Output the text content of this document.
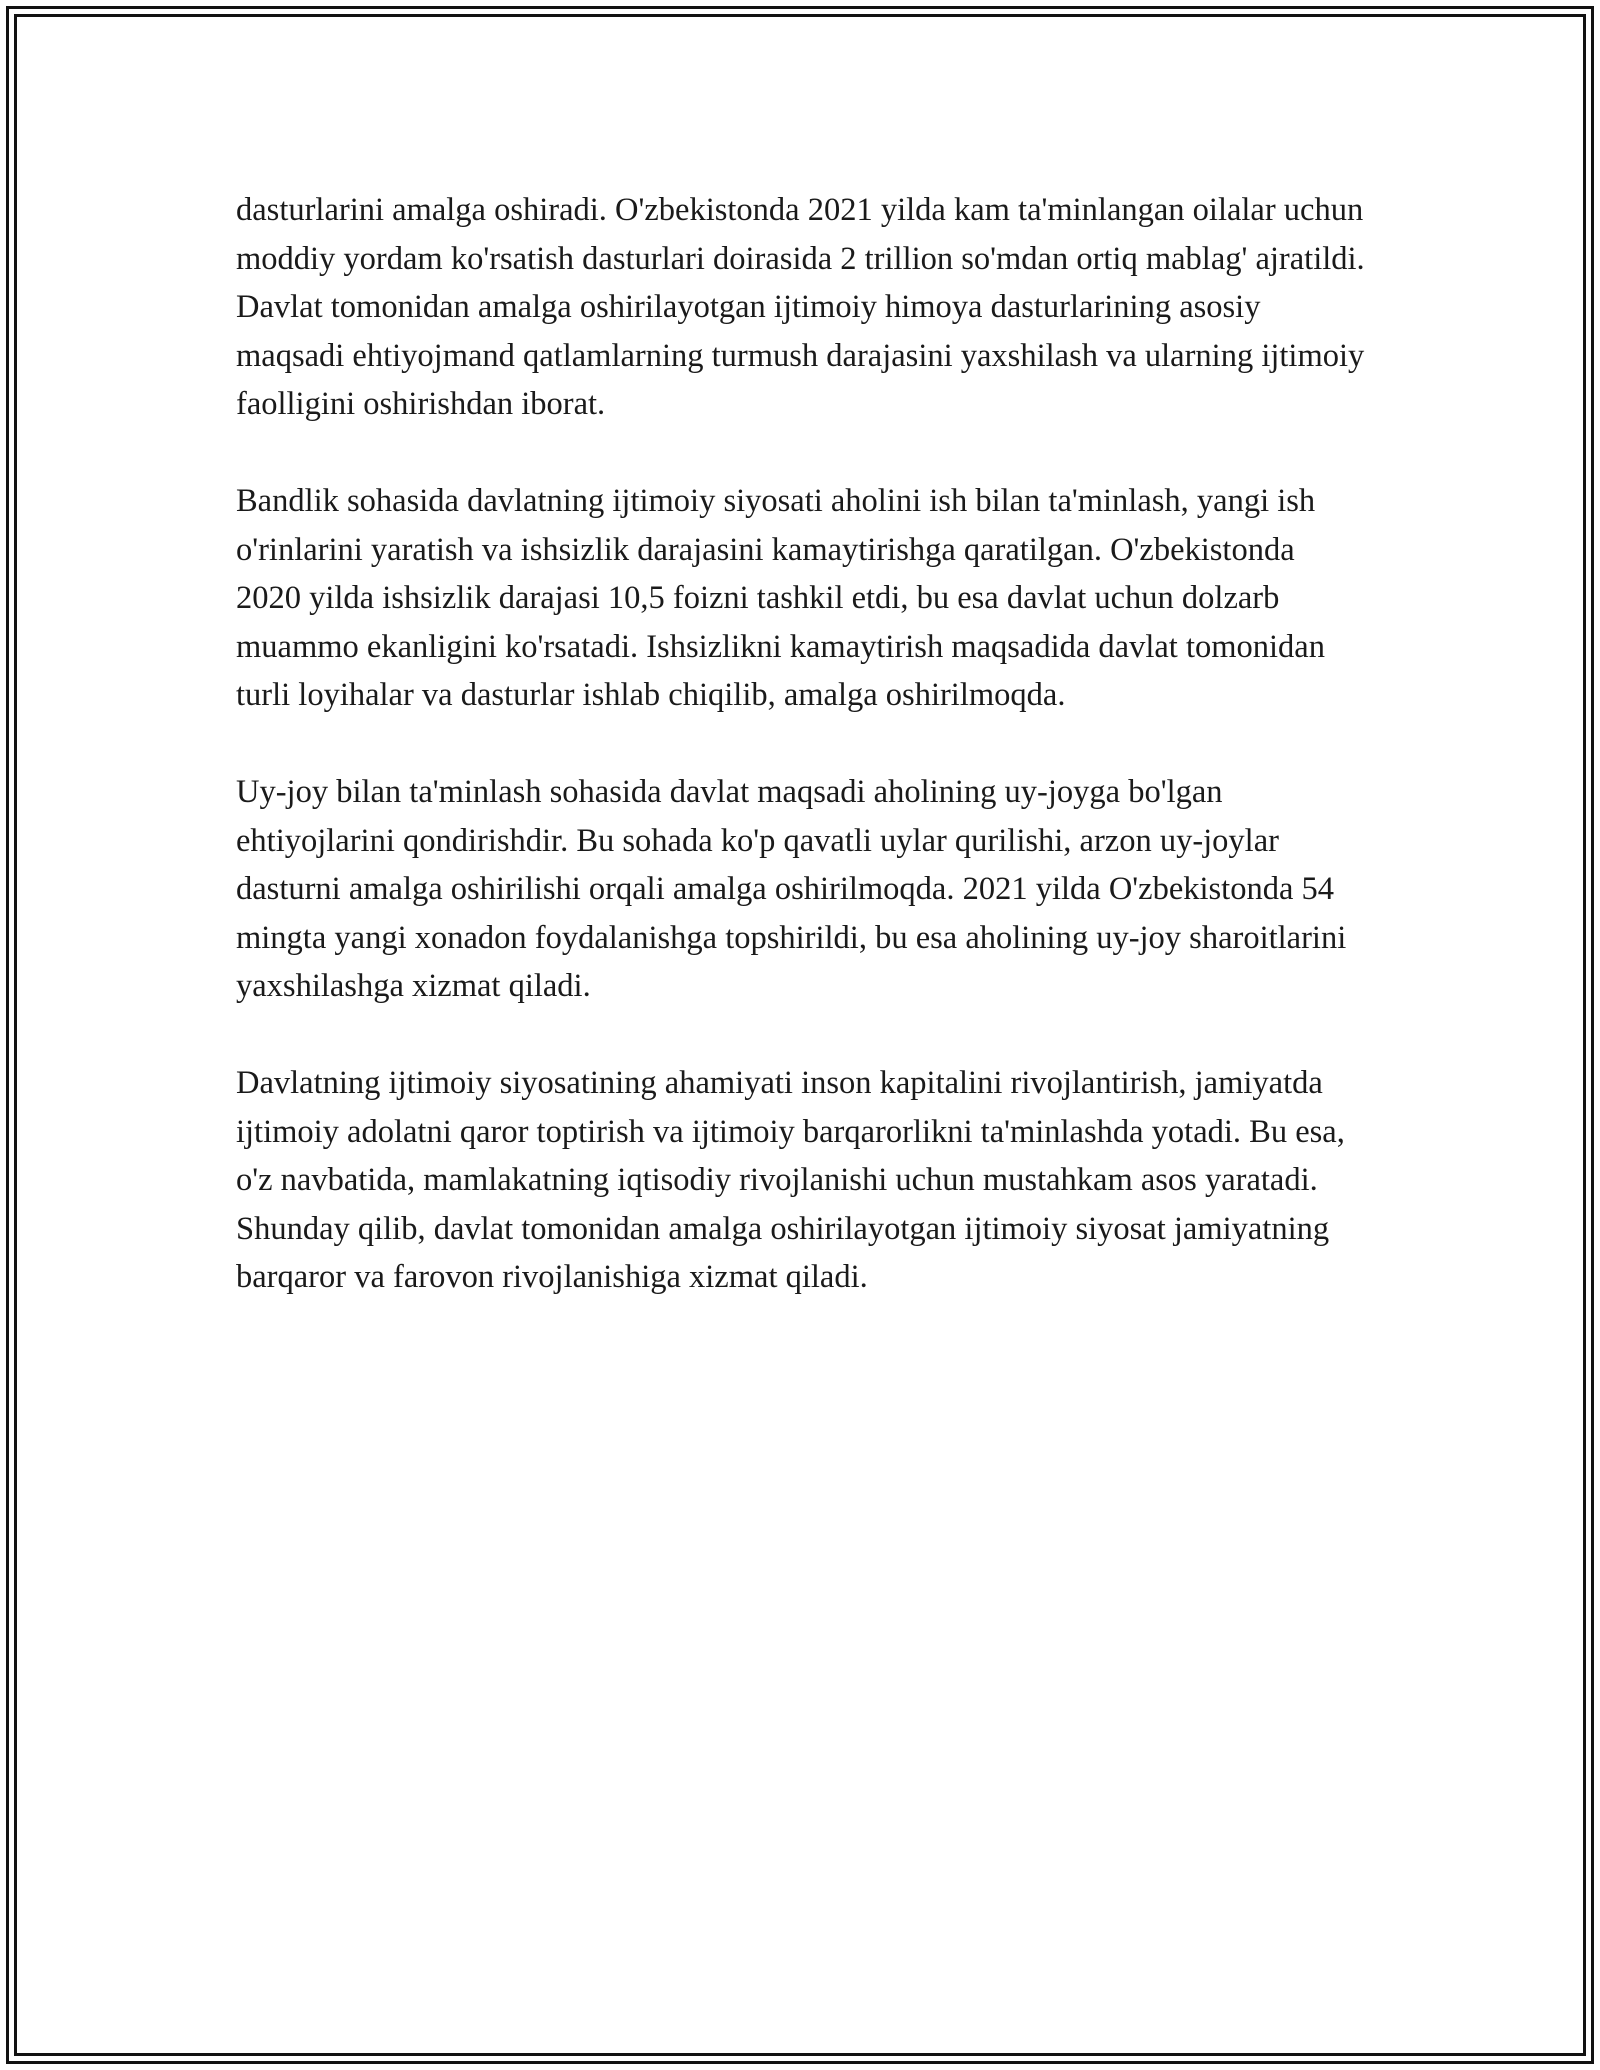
dasturlarini amalga oshiradi. O'zbekistonda 2021 yilda kam ta'minlangan oilalar uchun moddiy yordam ko'rsatish dasturlari doirasida 2 trillion so'mdan ortiq mablag' ajratildi. Davlat tomonidan amalga oshirilayotgan ijtimoiy himoya dasturlarining asosiy maqsadi ehtiyojmand qatlamlarning turmush darajasini yaxshilash va ularning ijtimoiy faolligini oshirishdan iborat.

Bandlik sohasida davlatning ijtimoiy siyosati aholini ish bilan ta'minlash, yangi ish o'rinlarini yaratish va ishsizlik darajasini kamaytirishga qaratilgan. O'zbekistonda 2020 yilda ishsizlik darajasi 10,5 foizni tashkil etdi, bu esa davlat uchun dolzarb muammo ekanligini ko'rsatadi. Ishsizlikni kamaytirish maqsadida davlat tomonidan turli loyihalar va dasturlar ishlab chiqilib, amalga oshirilmoqda.

Uy-joy bilan ta'minlash sohasida davlat maqsadi aholining uy-joyga bo'lgan ehtiyojlarini qondirishdir. Bu sohada ko'p qavatli uylar qurilishi, arzon uy-joylar dasturni amalga oshirilishi orqali amalga oshirilmoqda. 2021 yilda O'zbekistonda 54 mingta yangi xonadon foydalanishga topshirildi, bu esa aholining uy-joy sharoitlarini yaxshilashga xizmat qiladi.

Davlatning ijtimoiy siyosatining ahamiyati inson kapitalini rivojlantirish, jamiyatda ijtimoiy adolatni qaror toptirish va ijtimoiy barqarorlikni ta'minlashda yotadi. Bu esa, o'z navbatida, mamlakatning iqtisodiy rivojlanishi uchun mustahkam asos yaratadi. Shunday qilib, davlat tomonidan amalga oshirilayotgan ijtimoiy siyosat jamiyatning barqaror va farovon rivojlanishiga xizmat qiladi.
